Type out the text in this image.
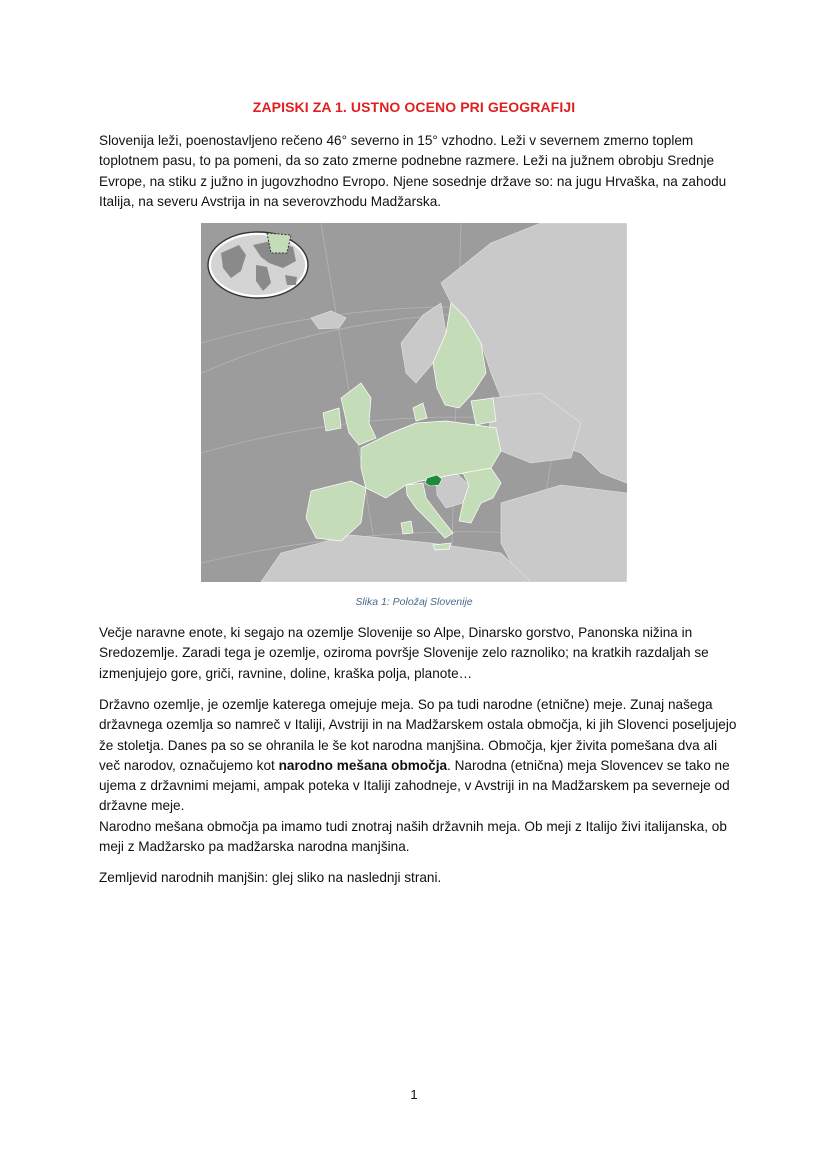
ZAPISKI ZA 1. USTNO OCENO PRI GEOGRAFIJI

Slovenija leži, poenostavljeno rečeno 46° severno in 15° vzhodno. Leži v severnem zmerno toplem toplotnem pasu, to pa pomeni, da so zato zmerne podnebne razmere. Leži na južnem obrobju Srednje Evrope, na stiku z južno in jugovzhodno Evropo. Njene sosednje države so: na jugu Hrvaška, na zahodu Italija, na severu Avstrija in na severovzhodu Madžarska.

Slika 1: Položaj Slovenije

Večje naravne enote, ki segajo na ozemlje Slovenije so Alpe, Dinarsko gorstvo, Panonska nižina in Sredozemlje. Zaradi tega je ozemlje, oziroma površje Slovenije zelo raznoliko; na kratkih razdaljah se izmenjujejo gore, griči, ravnine, doline, kraška polja, planote…

Državno ozemlje, je ozemlje katerega omejuje meja. So pa tudi narodne (etnične) meje. Zunaj našega državnega ozemlja so namreč v Italiji, Avstriji in na Madžarskem ostala območja, ki jih Slovenci poseljujejo že stoletja. Danes pa so se ohranila le še kot narodna manjšina. Območja, kjer živita pomešana dva ali več narodov, označujemo kot narodno mešana območja. Narodna (etnična) meja Slovencev se tako ne ujema z državnimi mejami, ampak poteka v Italiji zahodneje, v Avstriji in na Madžarskem pa severneje od državne meje.
Narodno mešana območja pa imamo tudi znotraj naših državnih meja. Ob meji z Italijo živi italijanska, ob meji z Madžarsko pa madžarska narodna manjšina.

Zemljevid narodnih manjšin: glej sliko na naslednji strani.

1
